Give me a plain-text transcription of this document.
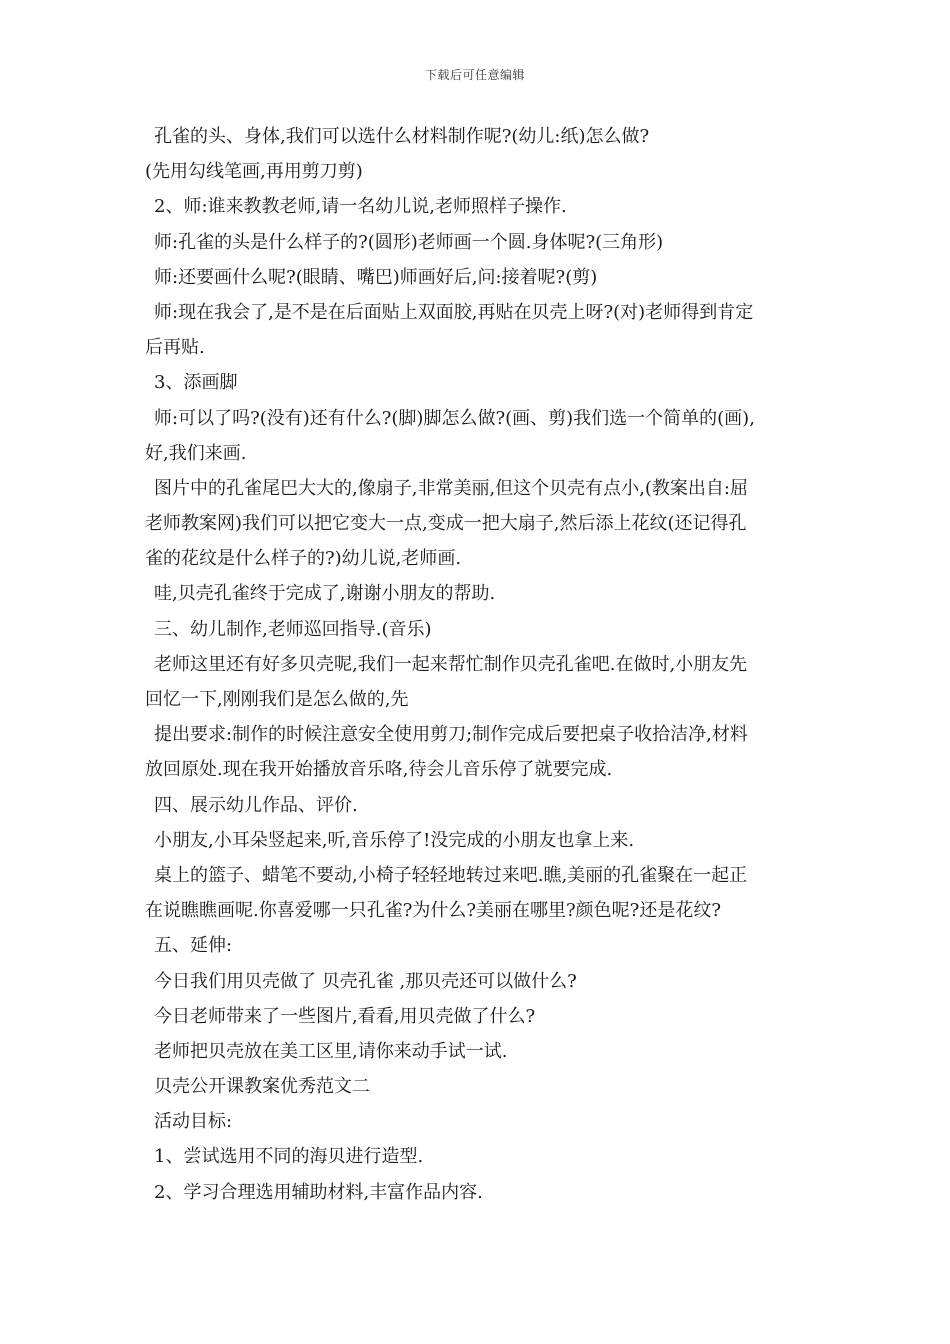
下载后可任意编辑
孔雀的头、身体,我们可以选什么材料制作呢?(幼儿:纸)怎么做?
(先用勾线笔画,再用剪刀剪)
2、师:谁来教教老师,请一名幼儿说,老师照样子操作.
师:孔雀的头是什么样子的?(圆形)老师画一个圆.身体呢?(三角形)
师:还要画什么呢?(眼睛、嘴巴)师画好后,问:接着呢?(剪)
师:现在我会了,是不是在后面贴上双面胶,再贴在贝壳上呀?(对)老师得到肯定
后再贴.
3、添画脚
师:可以了吗?(没有)还有什么?(脚)脚怎么做?(画、剪)我们选一个简单的(画),
好,我们来画.
图片中的孔雀尾巴大大的,像扇子,非常美丽,但这个贝壳有点小,(教案出自:屈
老师教案网)我们可以把它变大一点,变成一把大扇子,然后添上花纹(还记得孔
雀的花纹是什么样子的?)幼儿说,老师画.
哇,贝壳孔雀终于完成了,谢谢小朋友的帮助.
三、幼儿制作,老师巡回指导.(音乐)
老师这里还有好多贝壳呢,我们一起来帮忙制作贝壳孔雀吧.在做时,小朋友先
回忆一下,刚刚我们是怎么做的,先
提出要求:制作的时候注意安全使用剪刀;制作完成后要把桌子收拾洁净,材料
放回原处.现在我开始播放音乐咯,待会儿音乐停了就要完成.
四、展示幼儿作品、评价.
小朋友,小耳朵竖起来,听,音乐停了!没完成的小朋友也拿上来.
桌上的篮子、蜡笔不要动,小椅子轻轻地转过来吧.瞧,美丽的孔雀聚在一起正
在说瞧瞧画呢.你喜爱哪一只孔雀?为什么?美丽在哪里?颜色呢?还是花纹?
五、延伸:
今日我们用贝壳做了 贝壳孔雀 ,那贝壳还可以做什么?
今日老师带来了一些图片,看看,用贝壳做了什么?
老师把贝壳放在美工区里,请你来动手试一试.
贝壳公开课教案优秀范文二
活动目标:
1、尝试选用不同的海贝进行造型.
2、学习合理选用辅助材料,丰富作品内容.
